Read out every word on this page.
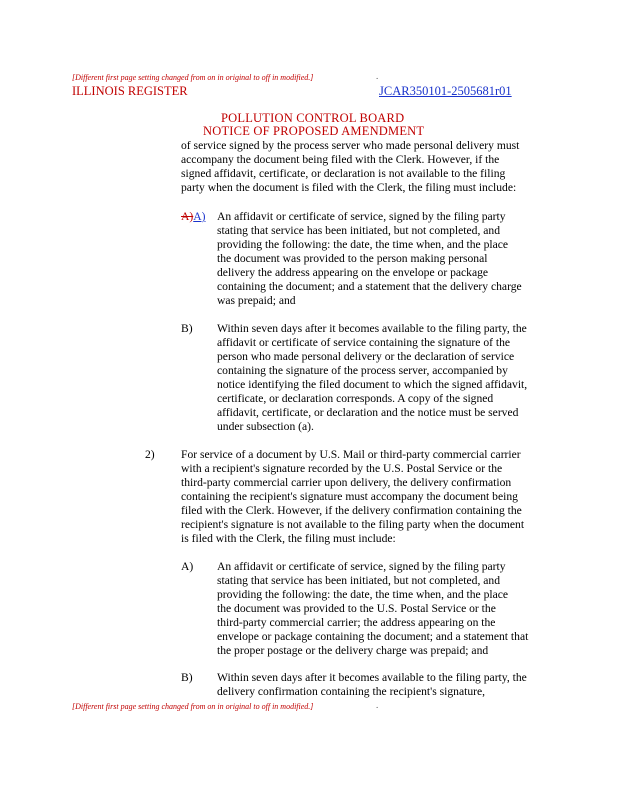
[Different first page setting changed from on in original to off in modified.]	.
ILLINOIS REGISTER	JCAR350101-2505681r01
POLLUTION CONTROL BOARD
NOTICE OF PROPOSED AMENDMENT
of service signed by the process server who made personal delivery must
accompany the document being filed with the Clerk. However, if the
signed affidavit, certificate, or declaration is not available to the filing
party when the document is filed with the Clerk, the filing must include:
A)A) An affidavit or certificate of service, signed by the filing party
stating that service has been initiated, but not completed, and
providing the following: the date, the time when, and the place
the document was provided to the person making personal
delivery the address appearing on the envelope or package
containing the document; and a statement that the delivery charge
was prepaid; and
B) Within seven days after it becomes available to the filing party, the
affidavit or certificate of service containing the signature of the
person who made personal delivery or the declaration of service
containing the signature of the process server, accompanied by
notice identifying the filed document to which the signed affidavit,
certificate, or declaration corresponds. A copy of the signed
affidavit, certificate, or declaration and the notice must be served
under subsection (a).
2) For service of a document by U.S. Mail or third-party commercial carrier
with a recipient's signature recorded by the U.S. Postal Service or the
third-party commercial carrier upon delivery, the delivery confirmation
containing the recipient's signature must accompany the document being
filed with the Clerk. However, if the delivery confirmation containing the
recipient's signature is not available to the filing party when the document
is filed with the Clerk, the filing must include:
A) An affidavit or certificate of service, signed by the filing party
stating that service has been initiated, but not completed, and
providing the following: the date, the time when, and the place
the document was provided to the U.S. Postal Service or the
third-party commercial carrier; the address appearing on the
envelope or package containing the document; and a statement that
the proper postage or the delivery charge was prepaid; and
B) Within seven days after it becomes available to the filing party, the
delivery confirmation containing the recipient's signature,
[Different first page setting changed from on in original to off in modified.]	.
